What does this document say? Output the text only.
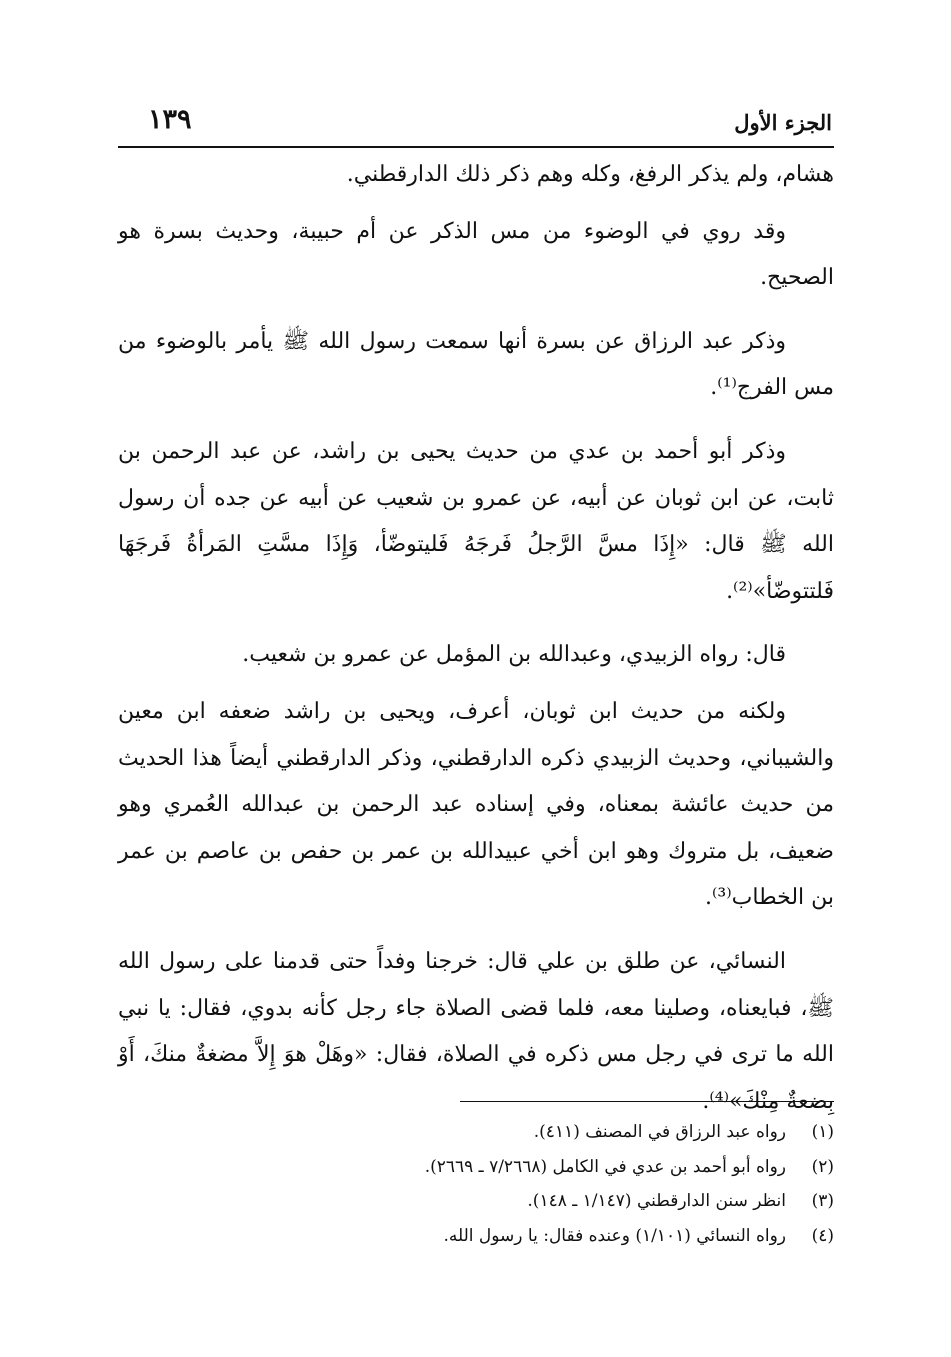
١٣٩	الجزء الأول

هشام، ولم يذكر الرفغ، وكله وهم ذكر ذلك الدارقطني.

وقد روي في الوضوء من مس الذكر عن أم حبيبة، وحديث بسرة هو الصحيح.

وذكر عبد الرزاق عن بسرة أنها سمعت رسول الله ﷺ يأمر بالوضوء من مس الفرج⁽¹⁾.

وذكر أبو أحمد بن عدي من حديث يحيى بن راشد، عن عبد الرحمن بن ثابت، عن ابن ثوبان عن أبيه، عن عمرو بن شعيب عن أبيه عن جده أن رسول الله ﷺ قال: «إِذَا مسَّ الرَّجلُ فَرجَهُ فَليتوضّأ، وَإِذَا مسَّتِ المَرأةُ فَرجَهَا فَلتتوضّأ»⁽²⁾.

قال: رواه الزبيدي، وعبدالله بن المؤمل عن عمرو بن شعيب.

ولكنه من حديث ابن ثوبان، أعرف، ويحيى بن راشد ضعفه ابن معين والشيباني، وحديث الزبيدي ذكره الدارقطني، وذكر الدارقطني أيضاً هذا الحديث من حديث عائشة بمعناه، وفي إسناده عبد الرحمن بن عبدالله العُمري وهو ضعيف، بل متروك وهو ابن أخي عبيدالله بن عمر بن حفص بن عاصم بن عمر بن الخطاب⁽³⁾.

النسائي، عن طلق بن علي قال: خرجنا وفداً حتى قدمنا على رسول الله ﷺ، فبايعناه، وصلينا معه، فلما قضى الصلاة جاء رجل كأنه بدوي، فقال: يا نبي الله ما ترى في رجل مس ذكره في الصلاة، فقال: «وهَلْ هوَ إِلاَّ مضغةٌ منكَ، أَوْ بِضعةٌ مِنْكَ»⁽⁴⁾.

(١)
رواه عبد الرزاق في المصنف (٤١١).
(٢)
رواه أبو أحمد بن عدي في الكامل (٧/٢٦٦٨ ـ ٢٦٦٩).
(٣)
انظر سنن الدارقطني (١/١٤٧ ـ ١٤٨).
(٤)
رواه النسائي (١/١٠١) وعنده فقال: يا رسول الله.
